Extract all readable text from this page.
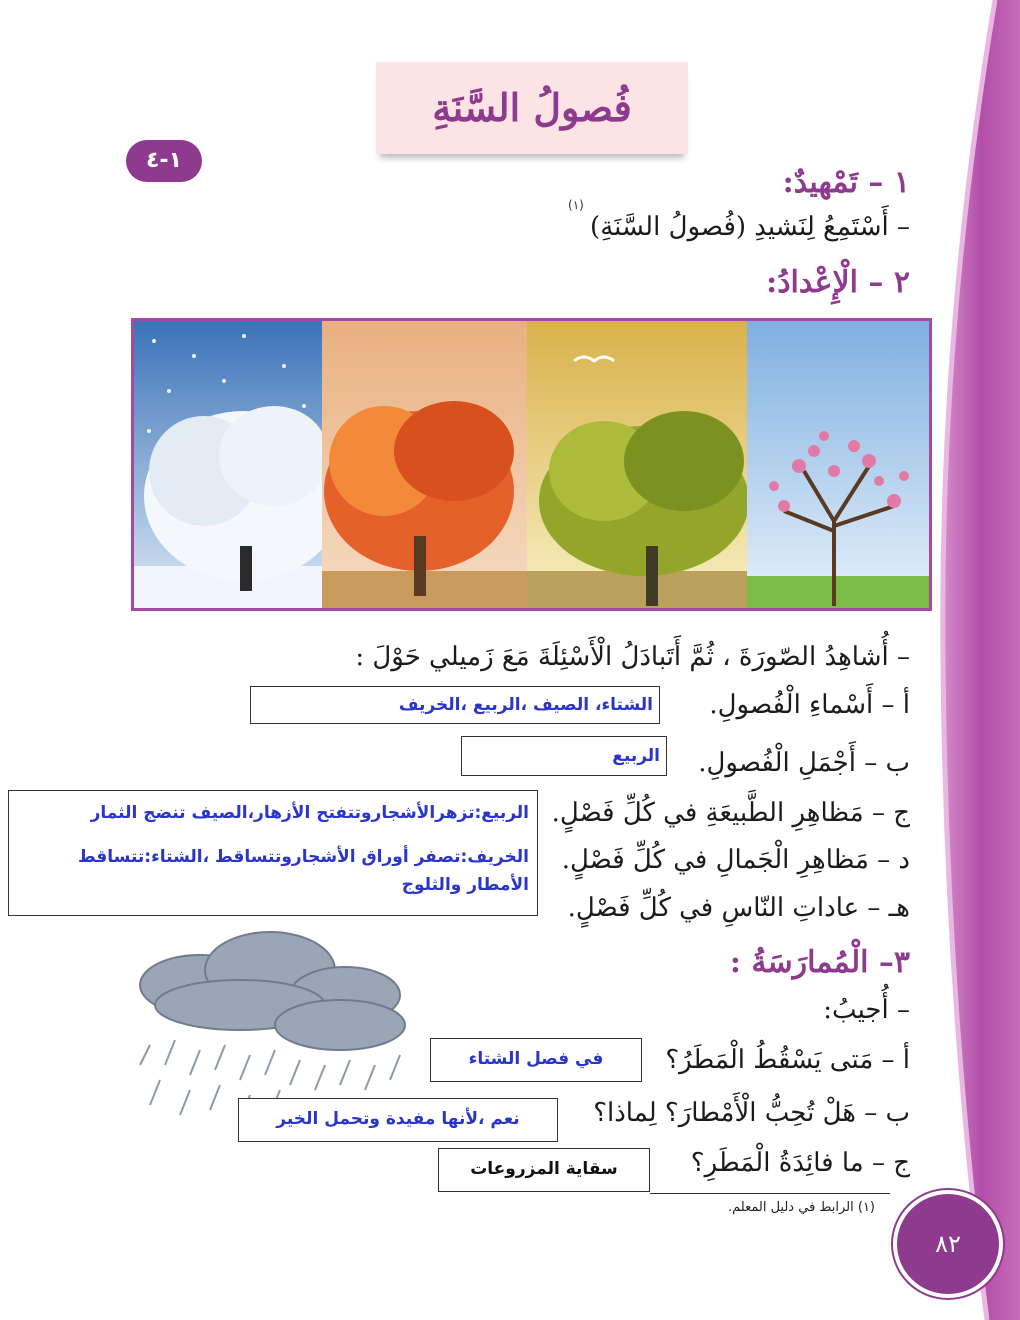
فُصولُ السَّنَةِ
١-٤
١ – تَمْهيدٌ:
– أَسْتَمِعُ لِنَشيدِ (فُصولُ السَّنَةِ)
(١)
٢ – الْإِعْدادُ:
– أُشاهِدُ الصّورَةَ ، ثُمَّ أَتَبادَلُ الْأَسْئِلَةَ مَعَ زَميلي حَوْلَ :
أ – أَسْماءِ الْفُصولِ.
ب – أَجْمَلِ الْفُصولِ.
ج – مَظاهِرِ الطَّبيعَةِ في كُلِّ فَصْلٍ.
د – مَظاهِرِ الْجَمالِ في كُلِّ فَصْلٍ.
هـ – عاداتِ النّاسِ في كُلِّ فَصْلٍ.
الشتاء، الصيف ،الربيع ،الخريف
الربيع
الربيع:تزهرالأشجاروتتفتح الأزهار،الصيف تنضج الثمار
الخريف:تصفر أوراق الأشجاروتتساقط ،الشتاء:تتساقط الأمطار والثلوج
٣– الْمُمارَسَةُ :
– أُجيبُ:
أ – مَتى يَسْقُطُ الْمَطَرُ؟
ب – هَلْ تُحِبُّ الْأَمْطارَ؟ لِماذا؟
ج – ما فائِدَةُ الْمَطَرِ؟
في فصل الشتاء
نعم ،لأنها مفيدة وتحمل الخير
سقاية المزروعات
(١) الرابط في دليل المعلم.
٨٢
